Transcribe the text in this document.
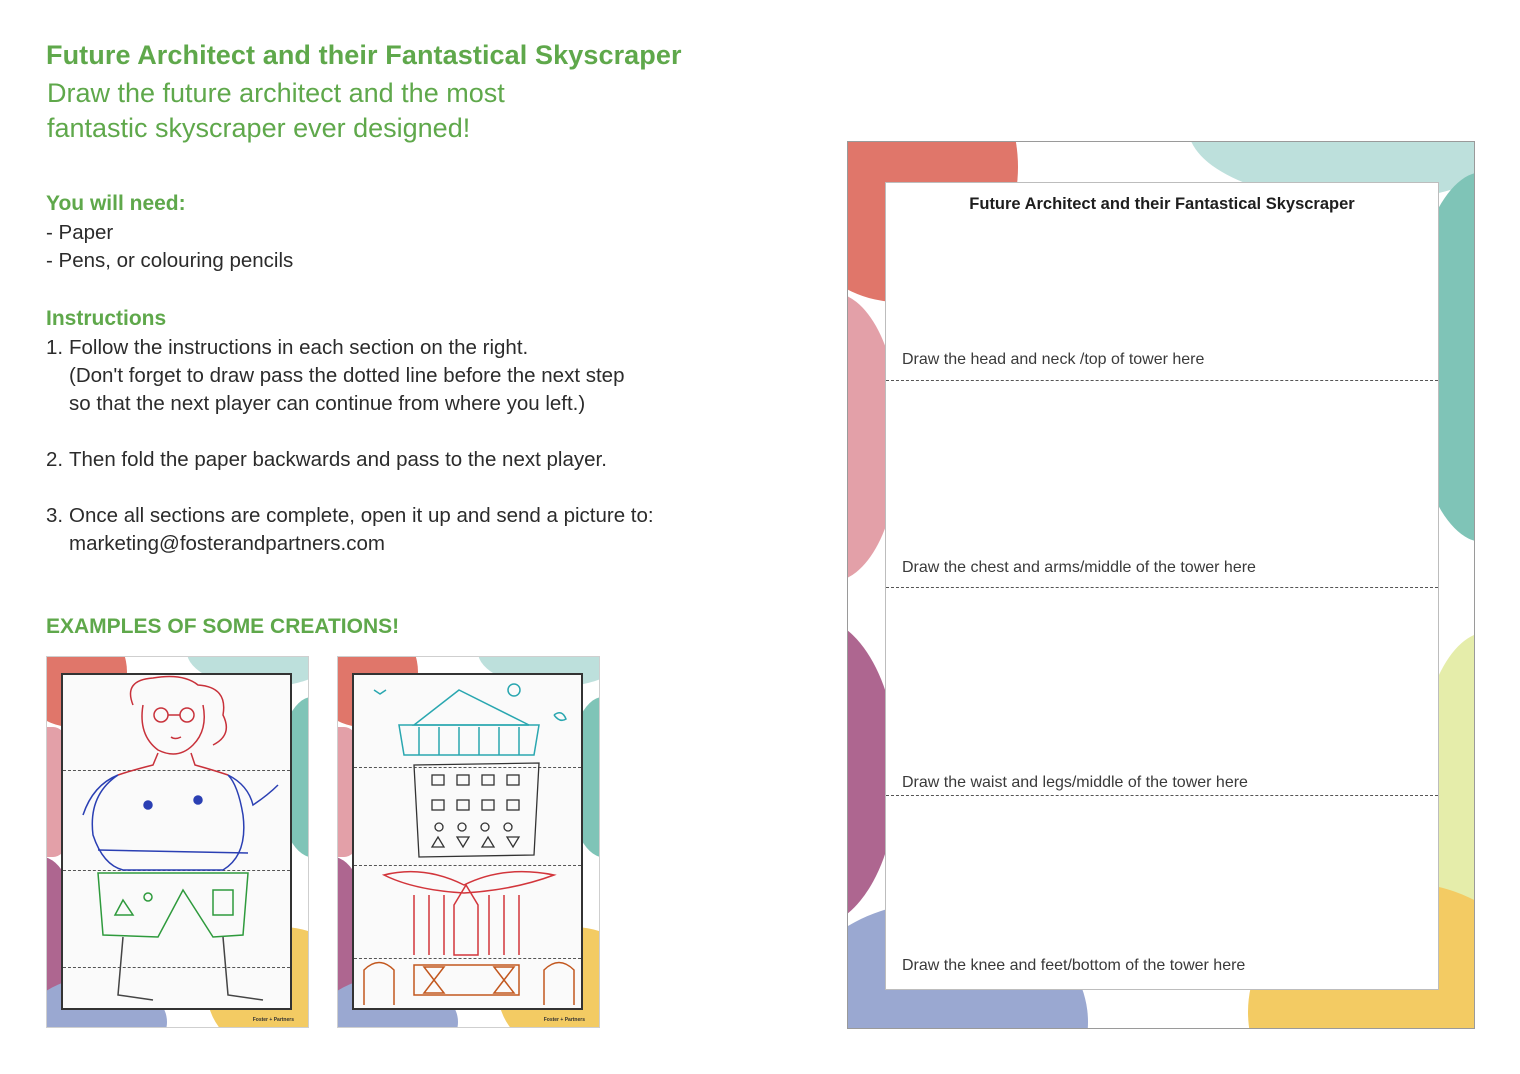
Future Architect and their Fantastical Skyscraper
Draw the future architect and the most fantastic skyscraper ever designed!
You will need:
- Paper
- Pens, or colouring pencils
Instructions

1. Follow the instructions in each section on the right.
(Don't forget to draw pass the dotted line before the next step
so that the next player can continue from where you left.)

2. Then fold the paper backwards and pass to the next player.

3. Once all sections are complete, open it up and send a picture to:
marketing@fosterandpartners.com

EXAMPLES OF SOME CREATIONS!
Foster + Partners	Foster + Partners
Future Architect and their Fantastical Skyscraper

Draw the head and neck /top of tower here

Draw the chest and arms/middle of the tower here

Draw the waist and legs/middle of the tower here

Draw the knee and feet/bottom of the tower here
